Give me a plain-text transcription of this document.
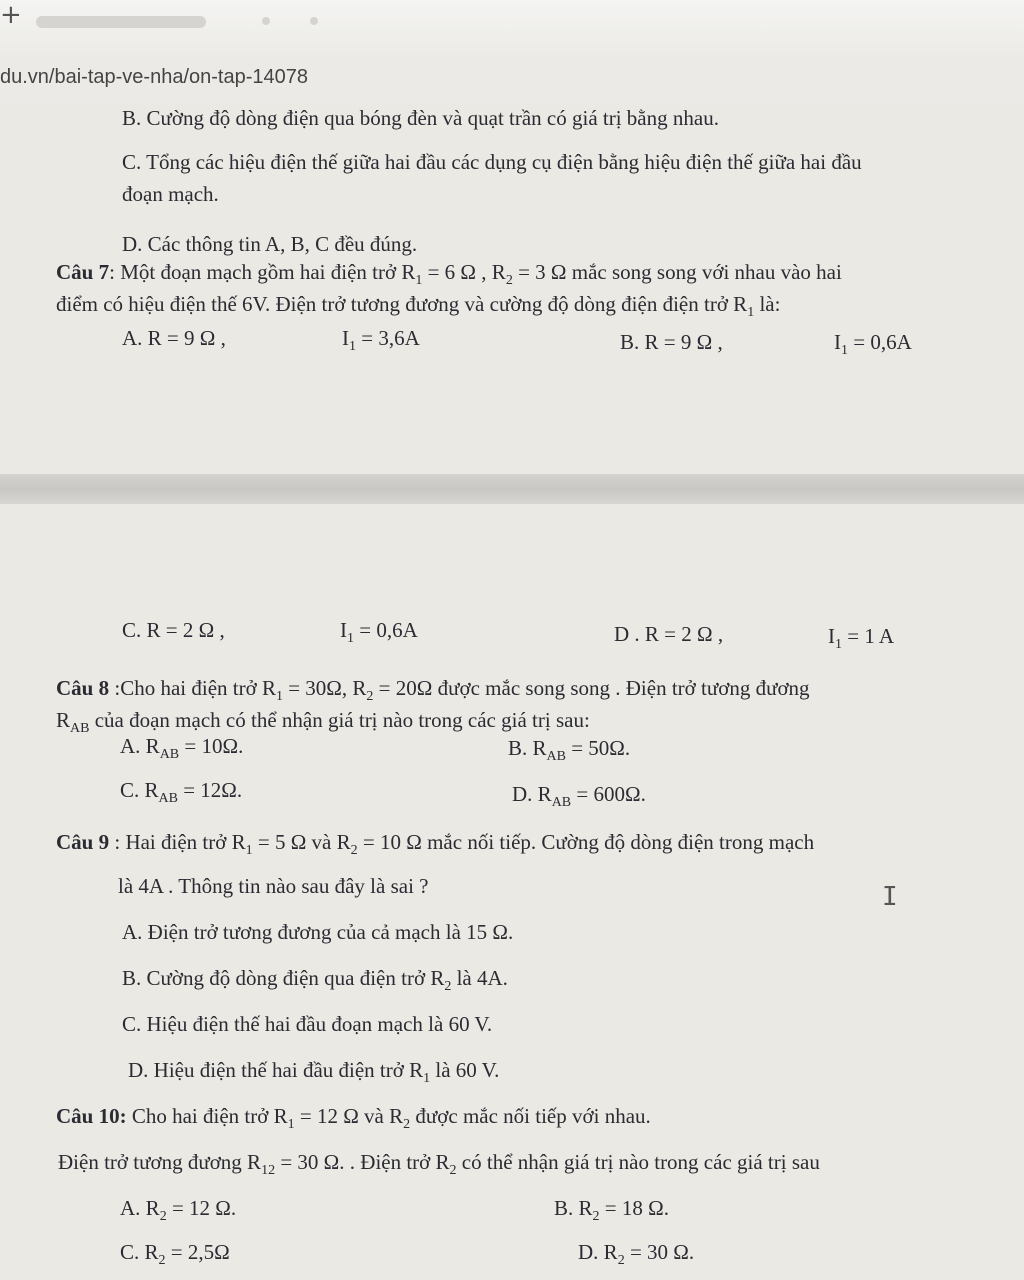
+
du.vn/bai-tap-ve-nha/on-tap-14078
B. Cường độ dòng điện qua bóng đèn và quạt trần có giá trị bằng nhau.
C. Tổng các hiệu điện thế giữa hai đầu các dụng cụ điện bằng hiệu điện thế giữa hai đầu
đoạn mạch.
D. Các thông tin A, B, C đều đúng.
Câu 7: Một đoạn mạch gồm hai điện trở $R_1 = 6$ Ω , $R_2 = 3$ Ω mắc song song với nhau vào hai
điểm có hiệu điện thế 6V. Điện trở tương đương và cường độ dòng điện điện trở $R_1$ là:
A. R = 9 Ω ,	$I_1 = 3,6A$	B. R = 9 Ω ,	$I_1 = 0,6A$
C. R = 2 Ω ,	$I_1 = 0,6A$	D . R = 2 Ω ,	$I_1 = 1$ A
Câu 8 :Cho hai điện trở $R_1 = 30\Omega$, $R_2 = 20\Omega$ được mắc song song . Điện trở tương đương
$R_{AB}$ của đoạn mạch có thể nhận giá trị nào trong các giá trị sau:
A. $R_{AB} = 10\Omega$.	B. $R_{AB} = 50\Omega$.
C. $R_{AB} = 12\Omega$.	D. $R_{AB} = 600\Omega$.
Câu 9 : Hai điện trở $R_1 = 5$ Ω và $R_2 = 10$ Ω mắc nối tiếp. Cường độ dòng điện trong mạch
là 4A . Thông tin nào sau đây là sai ?
A. Điện trở tương đương của cả mạch là 15 Ω.
B. Cường độ dòng điện qua điện trở $R_2$ là 4A.
C. Hiệu điện thế hai đầu đoạn mạch là 60 V.
D. Hiệu điện thế hai đầu điện trở $R_1$ là 60 V.
Câu 10: Cho hai điện trở $R_1 = 12$ Ω và $R_2$ được mắc nối tiếp với nhau.
Điện trở tương đương $R_{12} = 30$ Ω. . Điện trở $R_2$ có thể nhận giá trị nào trong các giá trị sau
A. $R_2 = 12$ Ω.	B. $R_2 = 18$ Ω.
C. $R_2 = 2,5\Omega$	D. $R_2 = 30$ Ω.
I
